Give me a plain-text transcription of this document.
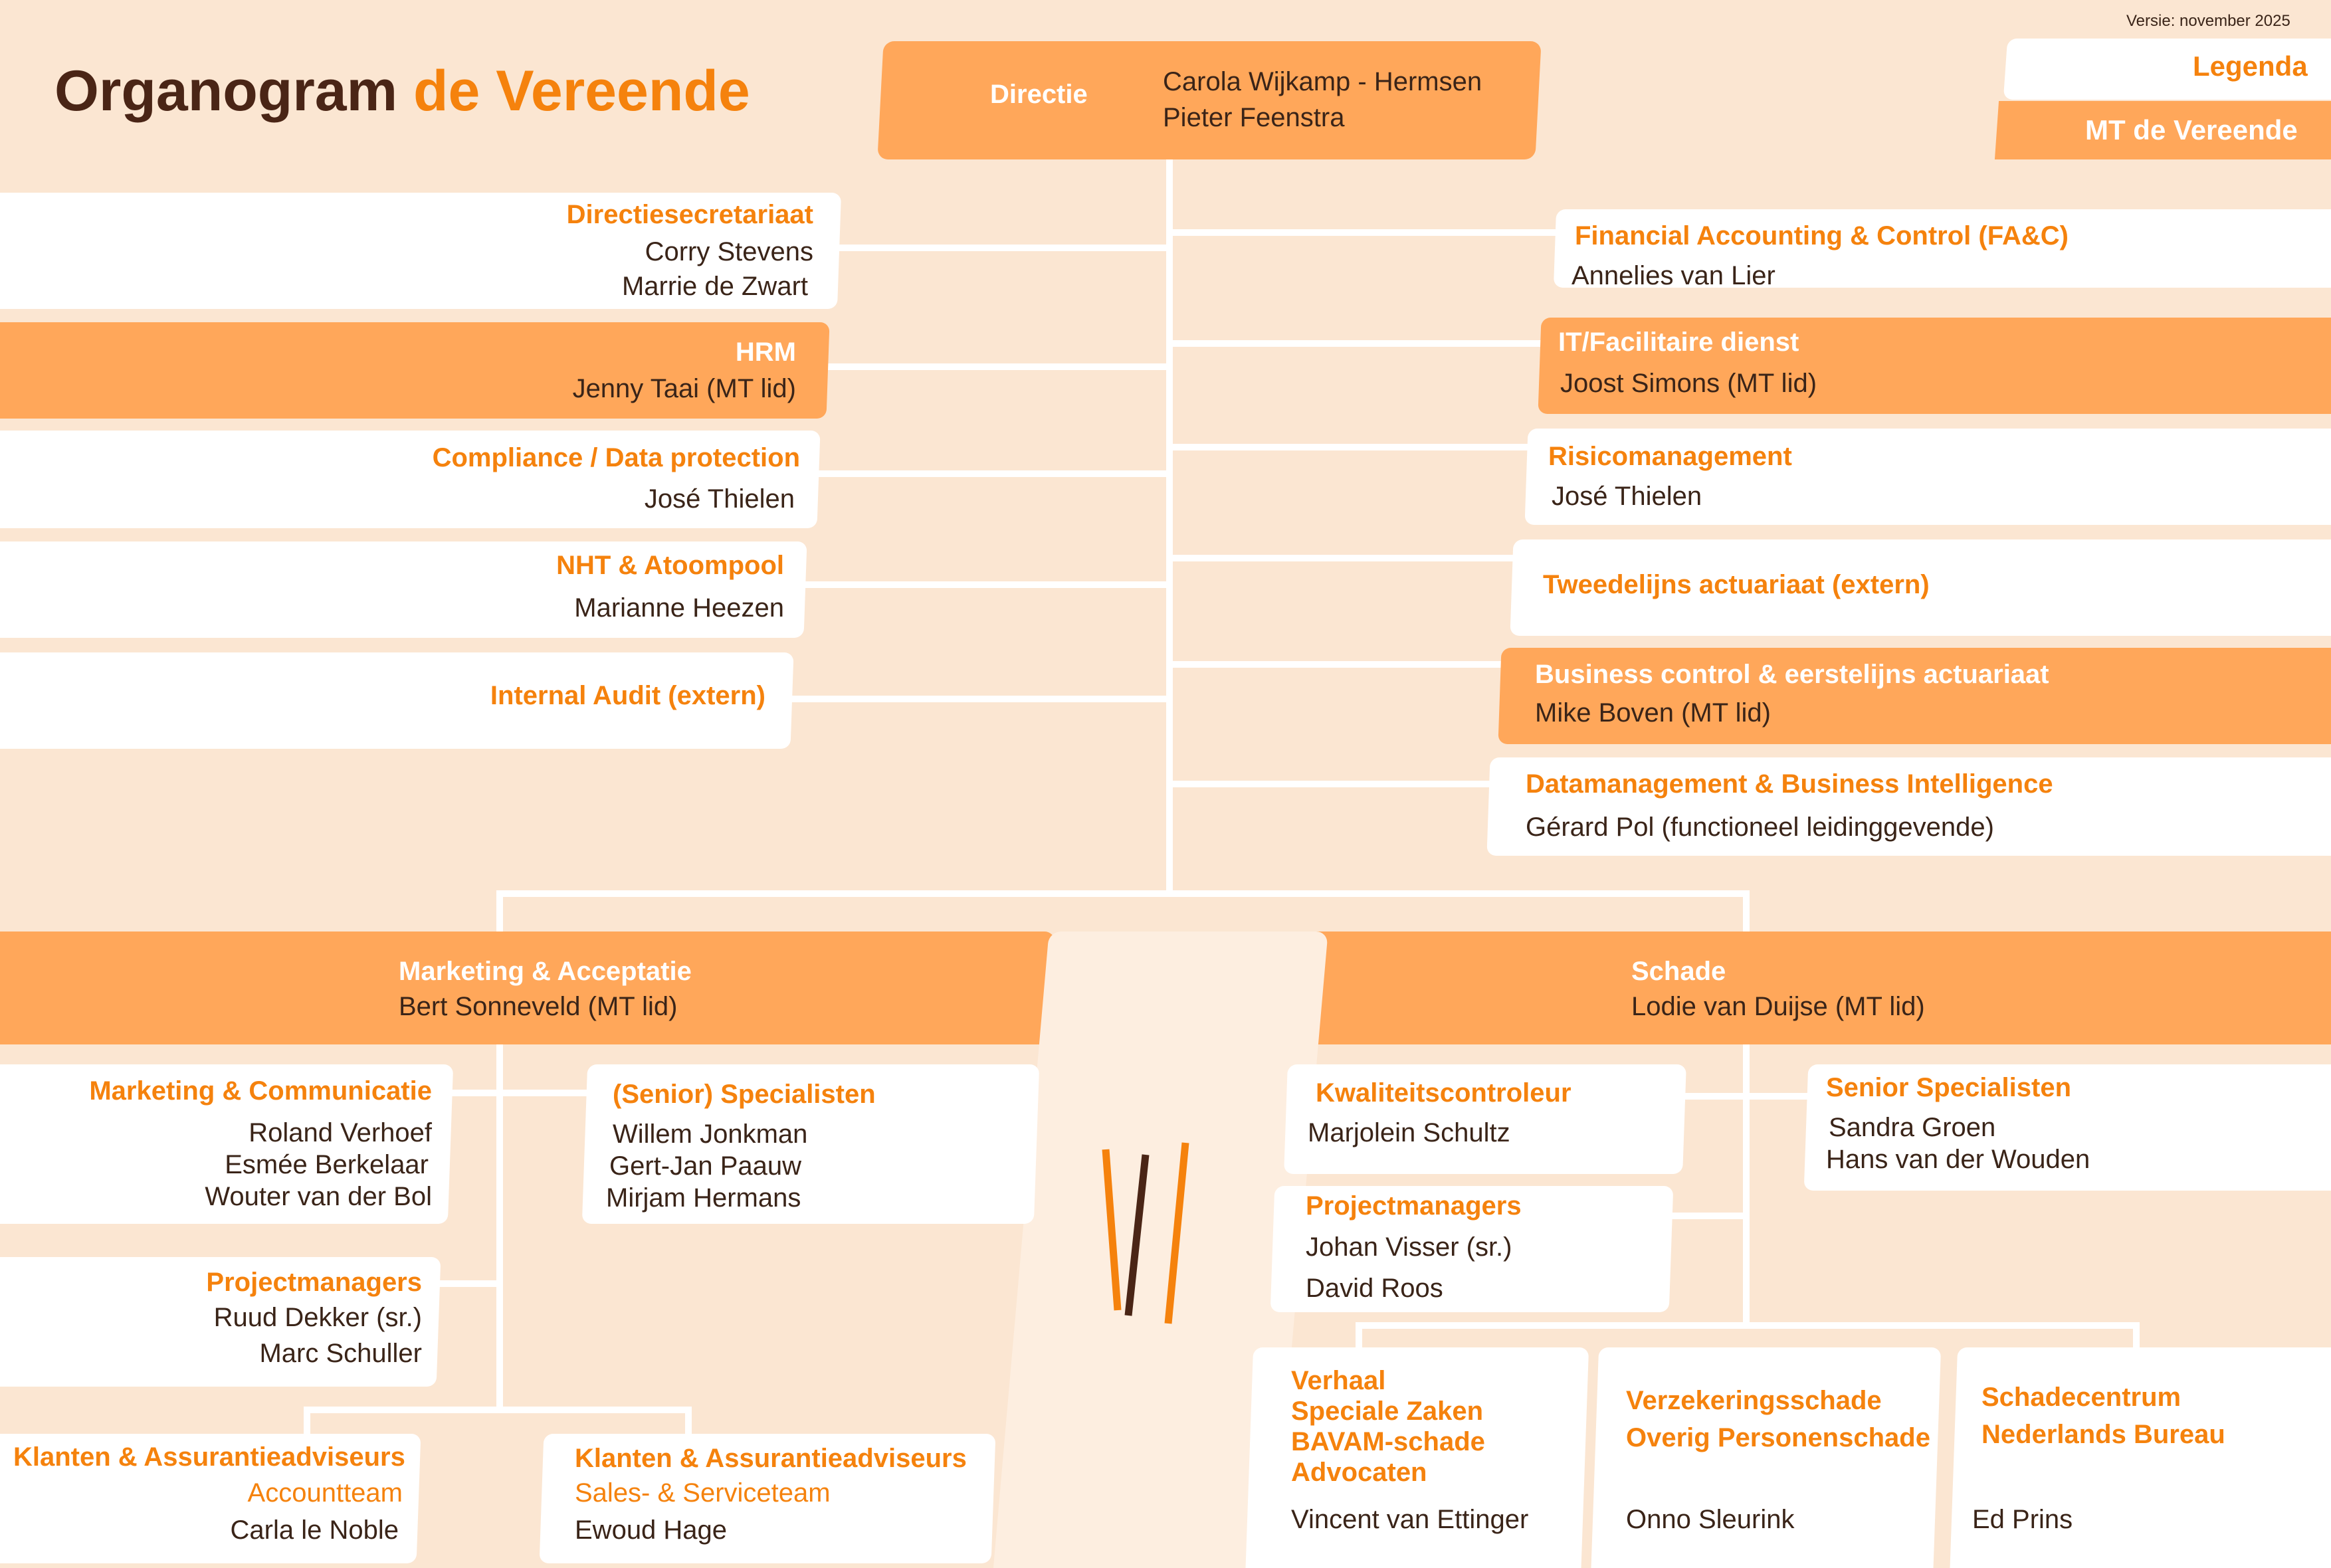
Organogram de Vereende
Versie: november 2025
Legenda
MT de Vereende
Directie	Carola Wijkamp - Hermsen
Pieter Feenstra
Directiesecretariaat
Corry Stevens
Marrie de Zwart
HRM
Jenny Taai (MT lid)
Compliance / Data protection
José Thielen
NHT & Atoompool
Marianne Heezen
Internal Audit (extern)
Financial Accounting & Control (FA&C)
Annelies van Lier
IT/Facilitaire dienst
Joost Simons (MT lid)
Risicomanagement
José Thielen
Tweedelijns actuariaat (extern)
Business control & eerstelijns actuariaat
Mike Boven (MT lid)
Datamanagement & Business Intelligence
Gérard Pol (functioneel leidinggevende)
Marketing & Acceptatie
Bert Sonneveld (MT lid)
Schade
Lodie van Duijse (MT lid)
Marketing & Communicatie
Roland Verhoef
Esmée Berkelaar
Wouter van der Bol
(Senior) Specialisten
Willem Jonkman
Gert-Jan Paauw
Mirjam Hermans
Projectmanagers
Ruud Dekker (sr.)
Marc Schuller
Klanten & Assurantieadviseurs
Accountteam
Carla le Noble
Klanten & Assurantieadviseurs
Sales- & Serviceteam
Ewoud Hage
Kwaliteitscontroleur
Marjolein Schultz
Senior Specialisten
Sandra Groen
Hans van der Wouden
Projectmanagers
Johan Visser (sr.)
David Roos
Verhaal
Speciale Zaken
BAVAM-schade
Advocaten
Vincent van Ettinger
Verzekeringsschade
Overig Personenschade
Onno Sleurink
Schadecentrum
Nederlands Bureau
Ed Prins
